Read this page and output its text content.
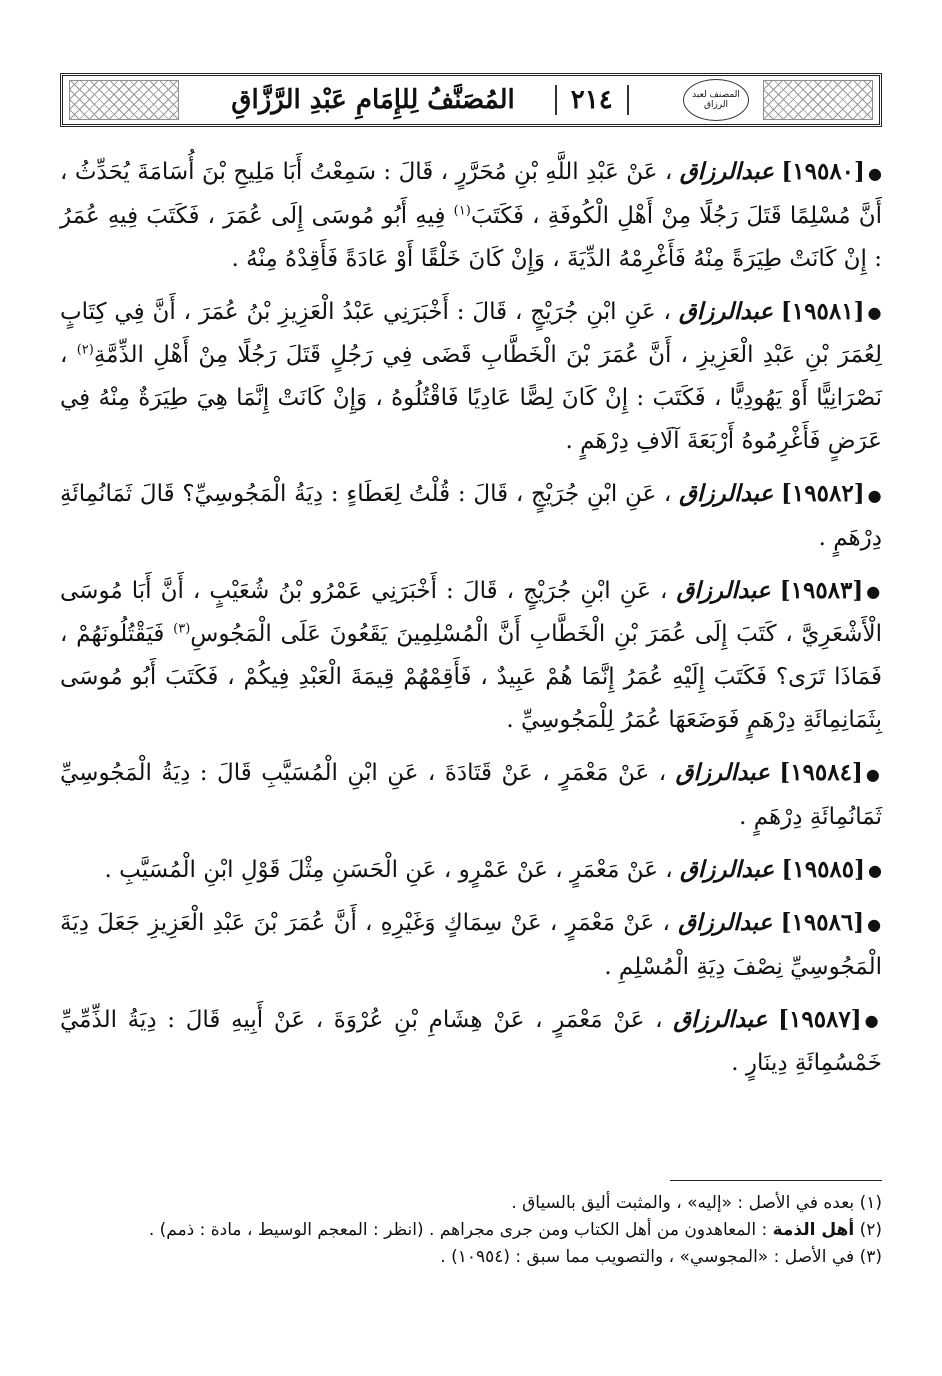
٢١٤
المُصَنَّفُ لِلإِمَامِ عَبْدِ الرَّزَّاقِ	المصنف لعبد الرزاق

●[١٩٥٨٠] عبدالرزاق ، عَنْ عَبْدِ اللَّهِ بْنِ مُحَرَّرٍ ، قَالَ : سَمِعْتُ أَبَا مَلِيحِ بْنَ أُسَامَةَ يُحَدِّثُ ، أَنَّ مُسْلِمًا قَتَلَ رَجُلًا مِنْ أَهْلِ الْكُوفَةِ ، فَكَتَبَ$^{(١)}$ فِيهِ أَبُو مُوسَى إِلَى عُمَرَ ، فَكَتَبَ فِيهِ عُمَرُ : إِنْ كَانَتْ طِيَرَةً مِنْهُ فَأَغْرِمْهُ الدِّيَةَ ، وَإِنْ كَانَ خَلْقًا أَوْ عَادَةً فَأَقِدْهُ مِنْهُ .

●[١٩٥٨١] عبدالرزاق ، عَنِ ابْنِ جُرَيْجٍ ، قَالَ : أَخْبَرَنِي عَبْدُ الْعَزِيزِ بْنُ عُمَرَ ، أَنَّ فِي كِتَابٍ لِعُمَرَ بْنِ عَبْدِ الْعَزِيزِ ، أَنَّ عُمَرَ بْنَ الْخَطَّابِ قَضَى فِي رَجُلٍ قَتَلَ رَجُلًا مِنْ أَهْلِ الذِّمَّةِ$^{(٢)}$ ، نَصْرَانِيًّا أَوْ يَهُودِيًّا ، فَكَتَبَ : إِنْ كَانَ لِصًّا عَادِيًا فَاقْتُلُوهُ ، وَإِنْ كَانَتْ إِنَّمَا هِيَ طِيَرَةٌ مِنْهُ فِي عَرَضٍ فَأَغْرِمُوهُ أَرْبَعَةَ آلَافِ دِرْهَمٍ .

●[١٩٥٨٢] عبدالرزاق ، عَنِ ابْنِ جُرَيْجٍ ، قَالَ : قُلْتُ لِعَطَاءٍ : دِيَةُ الْمَجُوسِيِّ؟ قَالَ ثَمَانُمِائَةِ دِرْهَمٍ .

●[١٩٥٨٣] عبدالرزاق ، عَنِ ابْنِ جُرَيْجٍ ، قَالَ : أَخْبَرَنِي عَمْرُو بْنُ شُعَيْبٍ ، أَنَّ أَبَا مُوسَى الْأَشْعَرِيَّ ، كَتَبَ إِلَى عُمَرَ بْنِ الْخَطَّابِ أَنَّ الْمُسْلِمِينَ يَقَعُونَ عَلَى الْمَجُوسِ$^{(٣)}$ فَيَقْتُلُونَهُمْ ، فَمَاذَا تَرَى؟ فَكَتَبَ إِلَيْهِ عُمَرُ إِنَّمَا هُمْ عَبِيدٌ ، فَأَقِمْهُمْ قِيمَةَ الْعَبْدِ فِيكُمْ ، فَكَتَبَ أَبُو مُوسَى بِثَمَانِمِائَةِ دِرْهَمٍ فَوَضَعَهَا عُمَرُ لِلْمَجُوسِيِّ .

●[١٩٥٨٤] عبدالرزاق ، عَنْ مَعْمَرٍ ، عَنْ قَتَادَةَ ، عَنِ ابْنِ الْمُسَيَّبِ قَالَ : دِيَةُ الْمَجُوسِيِّ ثَمَانُمِائَةِ دِرْهَمٍ .

●[١٩٥٨٥] عبدالرزاق ، عَنْ مَعْمَرٍ ، عَنْ عَمْرٍو ، عَنِ الْحَسَنِ مِثْلَ قَوْلِ ابْنِ الْمُسَيَّبِ .

●[١٩٥٨٦] عبدالرزاق ، عَنْ مَعْمَرٍ ، عَنْ سِمَاكٍ وَغَيْرِهِ ، أَنَّ عُمَرَ بْنَ عَبْدِ الْعَزِيزِ جَعَلَ دِيَةَ الْمَجُوسِيِّ نِصْفَ دِيَةِ الْمُسْلِمِ .

●[١٩٥٨٧] عبدالرزاق ، عَنْ مَعْمَرٍ ، عَنْ هِشَامِ بْنِ عُرْوَةَ ، عَنْ أَبِيهِ قَالَ : دِيَةُ الذِّمِّيِّ خَمْسُمِائَةِ دِينَارٍ .

(١) بعده في الأصل : «إليه» ، والمثبت أليق بالسياق .

(٢) أهل الذمة : المعاهدون من أهل الكتاب ومن جرى مجراهم . (انظر : المعجم الوسيط ، مادة : ذمم) .

(٣) في الأصل : «المجوسي» ، والتصويب مما سبق : (١٠٩٥٤) .
